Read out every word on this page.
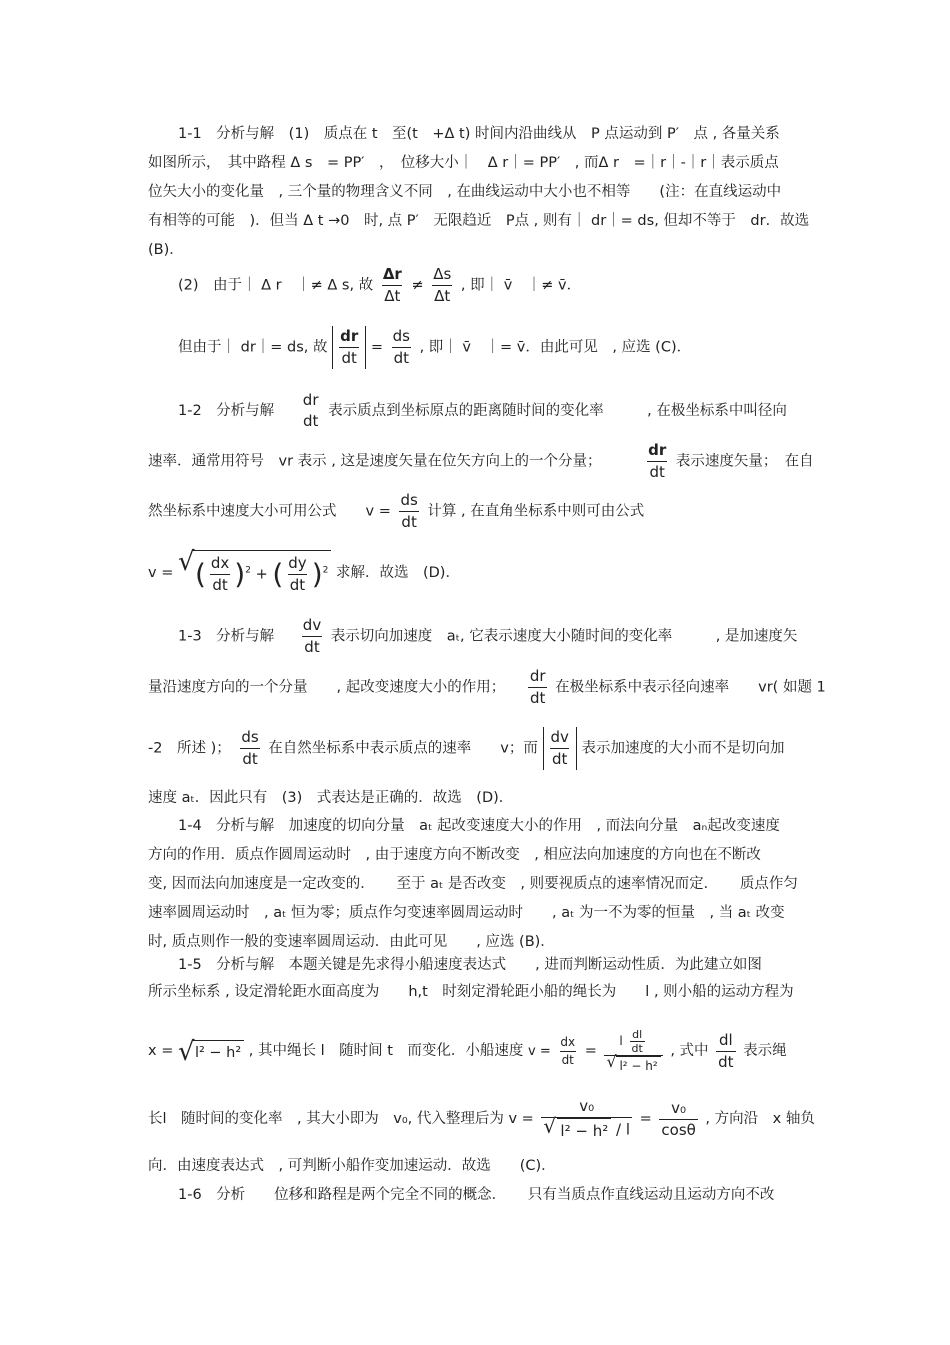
1-1　分析与解　(1)　质点在 t　至(t　+Δ t) 时间内沿曲线从　P 点运动到 P′　点 , 各量关系
如图所示，　其中路程 Δ s　= PP′　，　位移大小｜　Δ r｜= PP′　, 而Δ r　=｜r｜-｜r｜表示质点
位矢大小的变化量　, 三个量的物理含义不同　, 在曲线运动中大小也不相等　　(注：在直线运动中
有相等的可能　)．但当 Δ t →0　时, 点 P′　无限趋近　P点 , 则有｜ dr｜= ds, 但却不等于　dr．故选
(B)．
(2)　由于｜ Δ r　｜≠ Δ s, 故 $\frac{\Delta r}{\Delta t} \ne \frac{\Delta s}{\Delta t}$ , 即｜ v̄　｜≠ v̄．
但由于｜ dr｜= ds, 故 $\frac{dr}{dt} = \frac{ds}{dt}$ , 即｜ v̄　｜= v̄．由此可见　, 应选 (C)．
1-2　分析与解
dr
dt
表示质点到坐标原点的距离随时间的变化率　　　, 在极坐标系中叫径向
速率．通常用符号　vr 表示 , 这是速度矢量在位矢方向上的一个分量；	$\frac{dr}{dt}$ 表示速度矢量；　在自
然坐标系中速度大小可用公式　　$v = \frac{ds}{dt}$ 计算 , 在直角坐标系中则可由公式
v = √ ( $\frac{dx}{dt} )^2$ + ( $\frac{dy}{dt} )^2$ 求解．故选　(D)．
1-3　分析与解 $\frac{dv}{dt}$ 表示切向加速度　aₜ, 它表示速度大小随时间的变化率　　　, 是加速度矢
量沿速度方向的一个分量　　, 起改变速度大小的作用； $\frac{dr}{dt}$ 在极坐标系中表示径向速率　　vr( 如题 1
-2　所述 )； $\frac{ds}{dt}$ 在自然坐标系中表示质点的速率　　v；而 $\frac{dv}{dt}$ 表示加速度的大小而不是切向加
速度 aₜ．因此只有　(3)　式表达是正确的．故选　(D)．
1-4　分析与解　加速度的切向分量　aₜ 起改变速度大小的作用　, 而法向分量　aₙ起改变速度
方向的作用．质点作圆周运动时　, 由于速度方向不断改变　, 相应法向加速度的方向也在不断改
变, 因而法向加速度是一定改变的．　　至于 aₜ 是否改变　, 则要视质点的速率情况而定．　　质点作匀
速率圆周运动时　, aₜ 恒为零；质点作匀变速率圆周运动时　　, aₜ 为一不为零的恒量　, 当 aₜ 改变
时, 质点则作一般的变速率圆周运动．由此可见　　, 应选 (B)．
1-5　分析与解　本题关键是先求得小船速度表达式　　, 进而判断运动性质．为此建立如图
所示坐标系 , 设定滑轮距水面高度为　　h,t　时刻定滑轮距小船的绳长为　　l , 则小船的运动方程为
x = √ l² − h² , 其中绳长 l　随时间 t　而变化．小船速度 $v = \frac{dx}{dt} = \frac{l \frac{dl}{dt}}{\text{√ l² − h²}}$ , 式中 $\frac{dl}{dt}$ 表示绳
长l　随时间的变化率　, 其大小即为　v₀, 代入整理后为 $v = \frac{\text{v₀}}{\text{√ l² − h² / l}} = \frac{\text{v₀}}{\cos\theta}$ , 方向沿　x 轴负
向．由速度表达式　, 可判断小船作变加速运动．故选　　(C)．
1-6　分析　　位移和路程是两个完全不同的概念．　　只有当质点作直线运动且运动方向不改
